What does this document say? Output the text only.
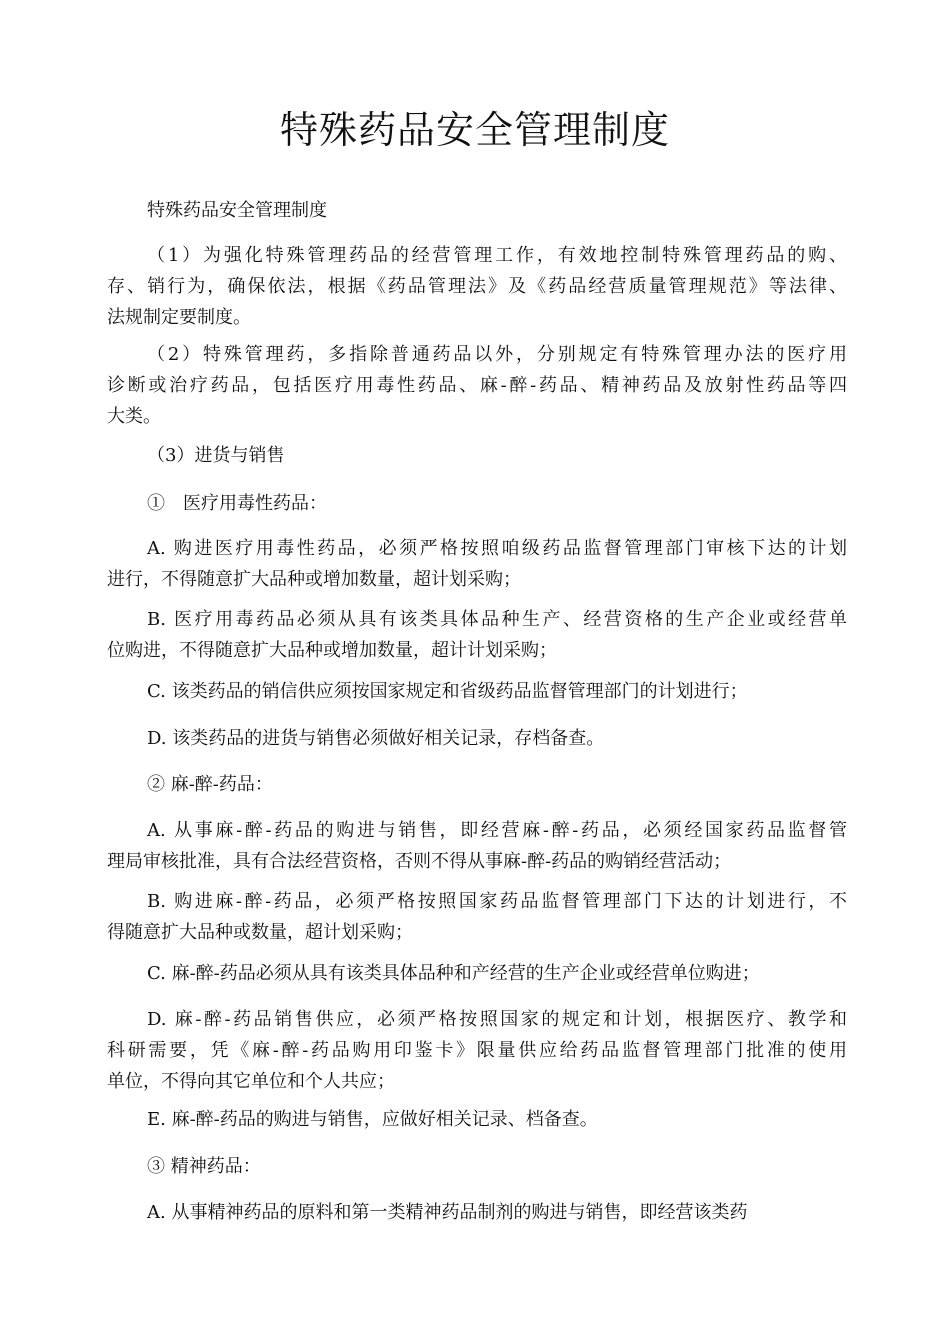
特殊药品安全管理制度

特殊药品安全管理制度

（1）为强化特殊管理药品的经营管理工作，有效地控制特殊管理药品的购、
存、销行为，确保依法，根据《药品管理法》及《药品经营质量管理规范》等法律、
法规制定要制度。

（2）特殊管理药，多指除普通药品以外，分别规定有特殊管理办法的医疗用
诊断或治疗药品，包括医疗用毒性药品、麻-醉-药品、精神药品及放射性药品等四
大类。

（3）进货与销售

①　医疗用毒性药品：

A. 购进医疗用毒性药品，必须严格按照咱级药品监督管理部门审核下达的计划
进行，不得随意扩大品种或增加数量，超计划采购；

B. 医疗用毒药品必须从具有该类具体品种生产、经营资格的生产企业或经营单
位购进，不得随意扩大品种或增加数量，超计计划采购；

C. 该类药品的销信供应须按国家规定和省级药品监督管理部门的计划进行；

D. 该类药品的进货与销售必须做好相关记录，存档备查。

② 麻-醉-药品：

A. 从事麻-醉-药品的购进与销售，即经营麻-醉-药品，必须经国家药品监督管
理局审核批准，具有合法经营资格，否则不得从事麻-醉-药品的购销经营活动；

B. 购进麻-醉-药品，必须严格按照国家药品监督管理部门下达的计划进行，不
得随意扩大品种或数量，超计划采购；

C. 麻-醉-药品必须从具有该类具体品种和产经营的生产企业或经营单位购进；

D. 麻-醉-药品销售供应，必须严格按照国家的规定和计划，根据医疗、教学和
科研需要，凭《麻-醉-药品购用印鉴卡》限量供应给药品监督管理部门批准的使用
单位，不得向其它单位和个人共应；

E. 麻-醉-药品的购进与销售，应做好相关记录、档备查。

③ 精神药品：

A. 从事精神药品的原料和第一类精神药品制剂的购进与销售，即经营该类药
